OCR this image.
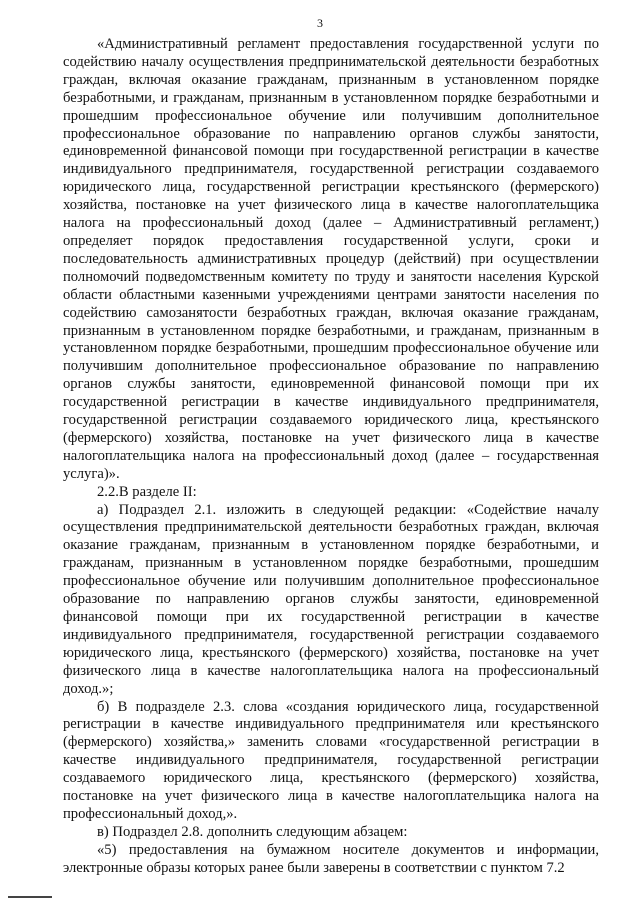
3

«Административный регламент предоставления государственной услуги по содействию началу осуществления предпринимательской деятельности безработных граждан, включая оказание гражданам, признанным в установленном порядке безработными, и гражданам, признанным в установленном порядке безработными и прошедшим профессиональное обучение или получившим дополнительное профессиональное образование по направлению органов службы занятости, единовременной финансовой помощи при государственной регистрации в качестве индивидуального предпринимателя, государственной регистрации создаваемого юридического лица, государственной регистрации крестьянского (фермерского) хозяйства, постановке на учет физического лица в качестве налогоплательщика налога на профессиональный доход (далее – Административный регламент,) определяет порядок предоставления государственной услуги, сроки и последовательность административных процедур (действий) при осуществлении полномочий подведомственным комитету по труду и занятости населения Курской области областными казенными учреждениями центрами занятости населения по содействию самозанятости безработных граждан, включая оказание гражданам, признанным в установленном порядке безработными, и гражданам, признанным в установленном порядке безработными, прошедшим профессиональное обучение или получившим дополнительное профессиональное образование по направлению органов службы занятости, единовременной финансовой помощи при их государственной регистрации в качестве индивидуального предпринимателя, государственной регистрации создаваемого юридического лица, крестьянского (фермерского) хозяйства, постановке на учет физического лица в качестве налогоплательщика налога на профессиональный доход (далее – государственная услуга)».

2.2.В разделе II:

а) Подраздел 2.1. изложить в следующей редакции: «Содействие началу осуществления предпринимательской деятельности безработных граждан, включая оказание гражданам, признанным в установленном порядке безработными, и гражданам, признанным в установленном порядке безработными, прошедшим профессиональное обучение или получившим дополнительное профессиональное образование по направлению органов службы занятости, единовременной финансовой помощи при их государственной регистрации в качестве индивидуального предпринимателя, государственной регистрации создаваемого юридического лица, крестьянского (фермерского) хозяйства, постановке на учет физического лица в качестве налогоплательщика налога на профессиональный доход.»;

б) В подразделе 2.3. слова «создания юридического лица, государственной регистрации в качестве индивидуального предпринимателя или крестьянского (фермерского) хозяйства,» заменить словами «государственной регистрации в качестве индивидуального предпринимателя, государственной регистрации создаваемого юридического лица, крестьянского (фермерского) хозяйства, постановке на учет физического лица в качестве налогоплательщика налога на профессиональный доход,».

в) Подраздел 2.8. дополнить следующим абзацем:

«5) предоставления на бумажном носителе документов и информации, электронные образы которых ранее были заверены в соответствии с пунктом 7.2
